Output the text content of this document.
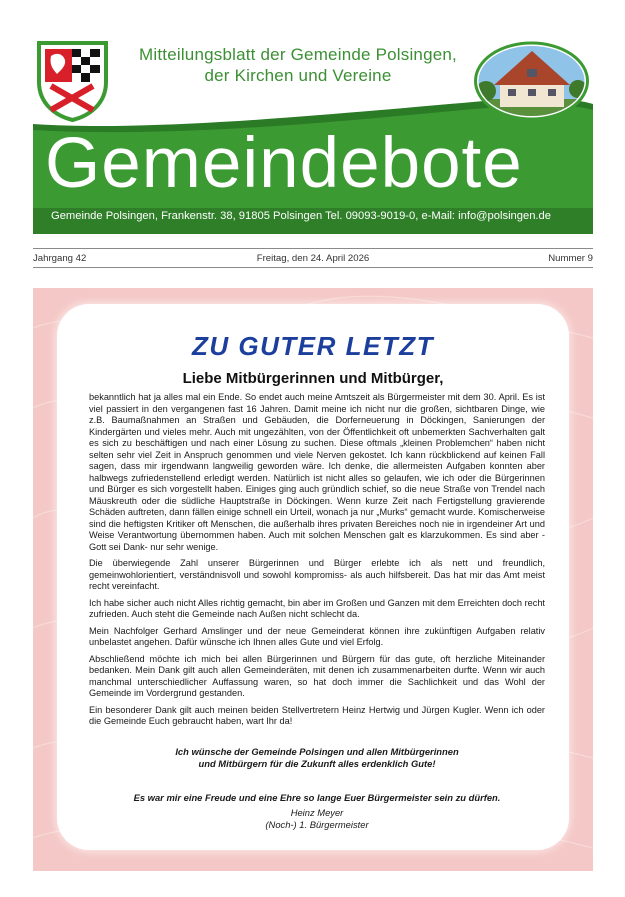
Mitteilungsblatt der Gemeinde Polsingen,
der Kirchen und Vereine
Gemeindebote
Gemeinde Polsingen, Frankenstr. 38, 91805 Polsingen Tel. 09093-9019-0, e-Mail: info@polsingen.de
Freitag, den 24. April 2026
Jahrgang 42	Nummer 9
ZU GUTER LETZT
Liebe Mitbürgerinnen und Mitbürger,

bekanntlich hat ja alles mal ein Ende. So endet auch meine Amtszeit als Bürgermeister mit dem 30. April. Es ist viel passiert in den vergangenen fast 16 Jahren. Damit meine ich nicht nur die großen, sichtbaren Dinge, wie z.B. Baumaßnahmen an Straßen und Gebäuden, die Dorferneuerung in Döckingen, Sanierungen der Kindergärten und vieles mehr. Auch mit ungezählten, von der Öffentlichkeit oft unbemerkten Sachverhalten galt es sich zu beschäftigen und nach einer Lösung zu suchen. Diese oftmals „kleinen Problemchen“ haben nicht selten sehr viel Zeit in Anspruch genommen und viele Nerven gekostet. Ich kann rückblickend auf keinen Fall sagen, dass mir irgendwann langweilig geworden wäre. Ich denke, die allermeisten Aufgaben konnten aber halbwegs zufriedenstellend erledigt werden. Natürlich ist nicht alles so gelaufen, wie ich oder die Bürgerinnen und Bürger es sich vorgestellt haben. Einiges ging auch gründlich schief, so die neue Straße von Trendel nach Mäuskreuth oder die südliche Hauptstraße in Döckingen. Wenn kurze Zeit nach Fertigstellung gravierende Schäden auftreten, dann fällen einige schnell ein Urteil, wonach ja nur „Murks“ gemacht wurde. Komischerweise sind die heftigsten Kritiker oft Menschen, die außerhalb ihres privaten Bereiches noch nie in irgendeiner Art und Weise Verantwortung übernommen haben. Auch mit solchen Menschen galt es klarzukommen. Es sind aber - Gott sei Dank- nur sehr wenige.

Die überwiegende Zahl unserer Bürgerinnen und Bürger erlebte ich als nett und freundlich, gemeinwohlorientiert, verständnisvoll und sowohl kompromiss- als auch hilfsbereit. Das hat mir das Amt meist recht vereinfacht.

Ich habe sicher auch nicht Alles richtig gemacht, bin aber im Großen und Ganzen mit dem Erreichten doch recht zufrieden. Auch steht die Gemeinde nach Außen nicht schlecht da.

Mein Nachfolger Gerhard Amslinger und der neue Gemeinderat können ihre zukünftigen Aufgaben relativ unbelastet angehen. Dafür wünsche ich Ihnen alles Gute und viel Erfolg.

Abschließend möchte ich mich bei allen Bürgerinnen und Bürgern für das gute, oft herzliche Miteinander bedanken. Mein Dank gilt auch allen Gemeinderäten, mit denen ich zusammenarbeiten durfte. Wenn wir auch manchmal unterschiedlicher Auffassung waren, so hat doch immer die Sachlichkeit und das Wohl der Gemeinde im Vordergrund gestanden.

Ein besonderer Dank gilt auch meinen beiden Stellvertretern Heinz Hertwig und Jürgen Kugler. Wenn ich oder die Gemeinde Euch gebraucht haben, wart Ihr da!

Ich wünsche der Gemeinde Polsingen und allen Mitbürgerinnen

und Mitbürgern für die Zukunft alles erdenklich Gute!

Es war mir eine Freude und eine Ehre so lange Euer Bürgermeister sein zu dürfen.
Heinz Meyer
(Noch-) 1. Bürgermeister
